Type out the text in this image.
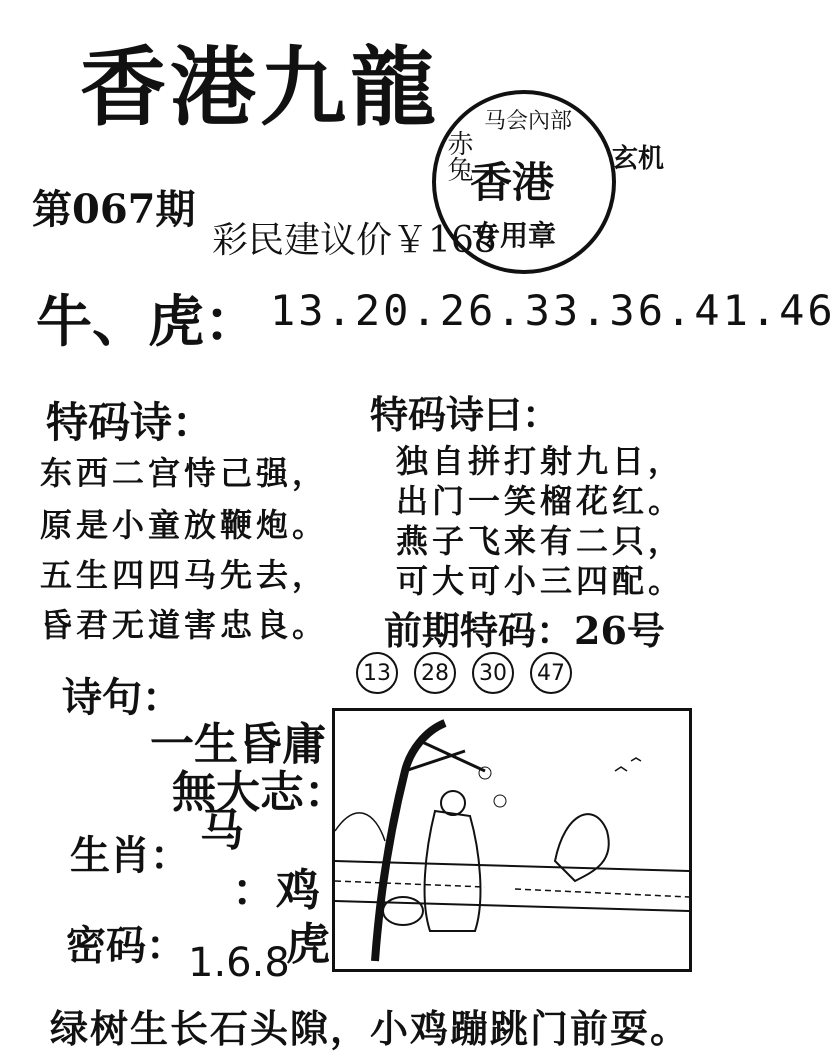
香港九龍
第067期
彩民建议价￥168
马会內部
赤兔
香港
专用章
玄机
牛、虎： 13.20.26.33.36.41.46
特码诗：
东西二宫恃己强，
原是小童放鞭炮。
五生四四马先去，
昏君无道害忠良。
特码诗曰：
独自拼打射九日，
出门一笑榴花红。
燕子飞来有二只，
可大可小三四配。
前期特码：26号
13	28	30	47
诗句：
一生昏庸
無大志：
生肖： 马
：鸡
虎
密码： 1.6.8
绿树生长石头隙，小鸡蹦跳门前耍。
